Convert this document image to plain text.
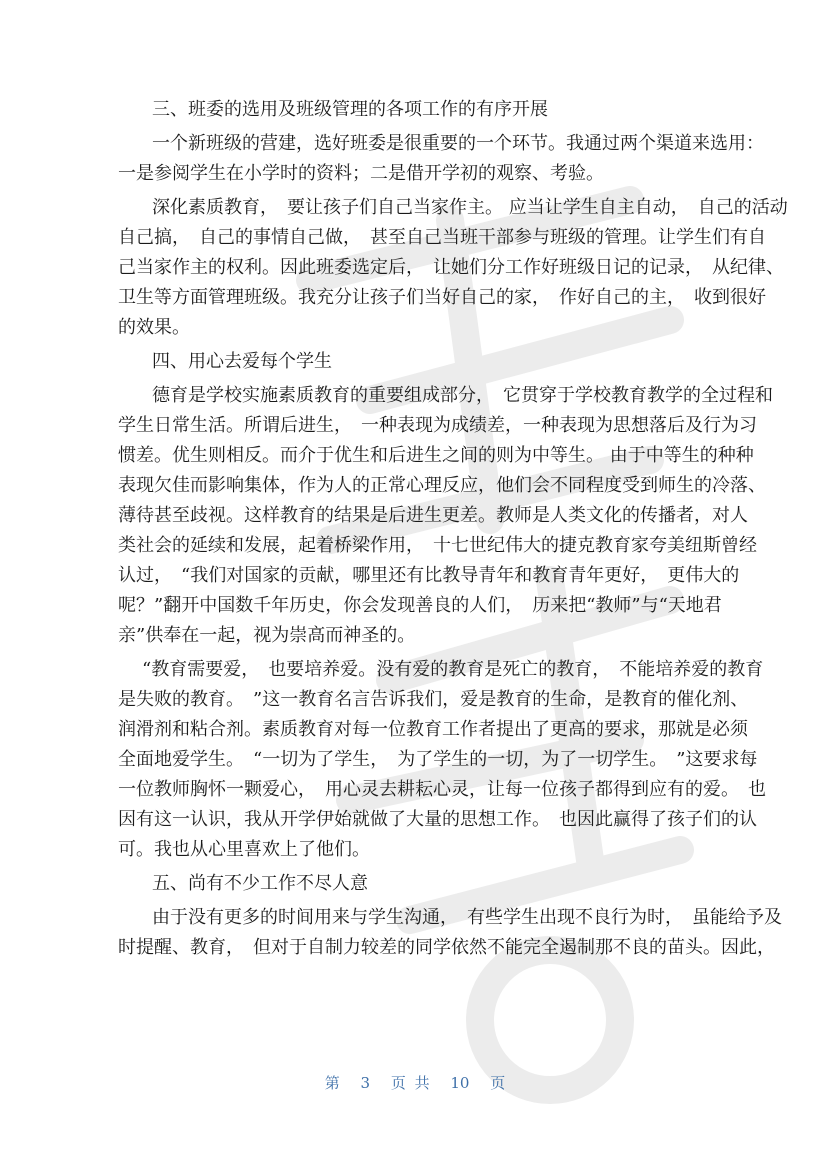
三、班委的选用及班级管理的各项工作的有序开展

一个新班级的营建，选好班委是很重要的一个环节。我通过两个渠道来选用：

一是参阅学生在小学时的资料；二是借开学初的观察、考验。

深化素质教育，　要让孩子们自己当家作主。 应当让学生自主自动，　自己的活动

自己搞，　自己的事情自己做，　甚至自己当班干部参与班级的管理。让学生们有自

己当家作主的权利。因此班委选定后，　让她们分工作好班级日记的记录，　从纪律、

卫生等方面管理班级。我充分让孩子们当好自己的家，　作好自己的主，　收到很好

的效果。

四、用心去爱每个学生

德育是学校实施素质教育的重要组成部分，　它贯穿于学校教育教学的全过程和

学生日常生活。所谓后进生，　一种表现为成绩差，一种表现为思想落后及行为习

惯差。优生则相反。而介于优生和后进生之间的则为中等生。 由于中等生的种种

表现欠佳而影响集体，作为人的正常心理反应，他们会不同程度受到师生的冷落、

薄待甚至歧视。这样教育的结果是后进生更差。教师是人类文化的传播者，对人

类社会的延续和发展，起着桥梁作用，　十七世纪伟大的捷克教育家夸美纽斯曾经

认过，　“我们对国家的贡献，哪里还有比教导青年和教育青年更好，　更伟大的

呢？”翻开中国数千年历史，你会发现善良的人们，　历来把“教师”与“天地君

亲”供奉在一起，视为崇高而神圣的。

“教育需要爱，　也要培养爱。没有爱的教育是死亡的教育，　不能培养爱的教育

是失败的教育。　”这一教育名言告诉我们，爱是教育的生命，是教育的催化剂、

润滑剂和粘合剂。素质教育对每一位教育工作者提出了更高的要求，那就是必须

全面地爱学生。　“一切为了学生，　为了学生的一切，为了一切学生。　”这要求每

一位教师胸怀一颗爱心，　用心灵去耕耘心灵，让每一位孩子都得到应有的爱。　也

因有这一认识，我从开学伊始就做了大量的思想工作。　也因此赢得了孩子们的认

可。我也从心里喜欢上了他们。

五、尚有不少工作不尽人意

由于没有更多的时间用来与学生沟通，　有些学生出现不良行为时，　虽能给予及

时提醒、教育，　但对于自制力较差的同学依然不能完全遏制那不良的苗头。因此，

第 3 页 共 10 页
